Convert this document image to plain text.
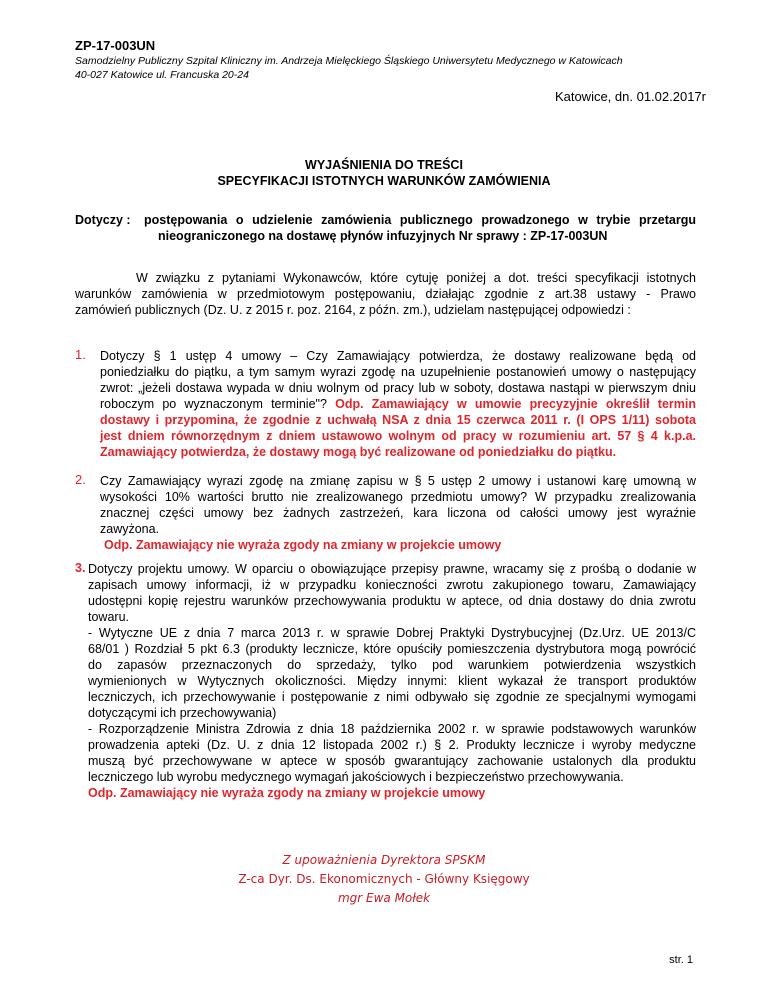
ZP-17-003UN
Samodzielny Publiczny Szpital Kliniczny im. Andrzeja Mielęckiego Śląskiego Uniwersytetu Medycznego w Katowicach
40-027 Katowice ul. Francuska 20-24
Katowice, dn. 01.02.2017r
WYJAŚNIENIA DO TREŚCI
SPECYFIKACJI ISTOTNYCH WARUNKÓW ZAMÓWIENIA
Dotyczy : postępowania o udzielenie zamówienia publicznego prowadzonego w trybie przetargu
nieograniczonego na dostawę płynów infuzyjnych Nr sprawy : ZP-17-003UN
W związku z pytaniami Wykonawców, które cytuję poniżej a dot. treści specyfikacji istotnych
warunków zamówienia w przedmiotowym postępowaniu, działając zgodnie z art.38 ustawy - Prawo
zamówień publicznych (Dz. U. z 2015 r. poz. 2164, z późn. zm.), udzielam następującej odpowiedzi :
1. Dotyczy § 1 ustęp 4 umowy – Czy Zamawiający potwierdza, że dostawy realizowane będą od
poniedziałku do piątku, a tym samym wyrazi zgodę na uzupełnienie postanowień umowy o następujący
zwrot: „jeżeli dostawa wypada w dniu wolnym od pracy lub w soboty, dostawa nastąpi w pierwszym dniu
roboczym po wyznaczonym terminie"? Odp. Zamawiający w umowie precyzyjnie określił termin
dostawy i przypomina, że zgodnie z uchwałą NSA z dnia 15 czerwca 2011 r. (I OPS 1/11) sobota
jest dniem równorzędnym z dniem ustawowo wolnym od pracy w rozumieniu art. 57 § 4 k.p.a.
Zamawiający potwierdza, że dostawy mogą być realizowane od poniedziałku do piątku.
2. Czy Zamawiający wyrazi zgodę na zmianę zapisu w § 5 ustęp 2 umowy i ustanowi karę umowną w
wysokości 10% wartości brutto nie zrealizowanego przedmiotu umowy? W przypadku zrealizowania
znacznej części umowy bez żadnych zastrzeżeń, kara liczona od całości umowy jest wyraźnie
zawyżona.
Odp. Zamawiający nie wyraża zgody na zmiany w projekcie umowy
3. Dotyczy projektu umowy. W oparciu o obowiązujące przepisy prawne, wracamy się z prośbą o dodanie w
zapisach umowy informacji, iż w przypadku konieczności zwrotu zakupionego towaru, Zamawiający
udostępni kopię rejestru warunków przechowywania produktu w aptece, od dnia dostawy do dnia zwrotu
towaru.
- Wytyczne UE z dnia 7 marca 2013 r. w sprawie Dobrej Praktyki Dystrybucyjnej (Dz.Urz. UE 2013/C
68/01 ) Rozdział 5 pkt 6.3 (produkty lecznicze, które opuściły pomieszczenia dystrybutora mogą powrócić
do zapasów przeznaczonych do sprzedaży, tylko pod warunkiem potwierdzenia wszystkich
wymienionych w Wytycznych okoliczności. Między innymi: klient wykazał że transport produktów
leczniczych, ich przechowywanie i postępowanie z nimi odbywało się zgodnie ze specjalnymi wymogami
dotyczącymi ich przechowywania)
- Rozporządzenie Ministra Zdrowia z dnia 18 października 2002 r. w sprawie podstawowych warunków
prowadzenia apteki (Dz. U. z dnia 12 listopada 2002 r.) § 2. Produkty lecznicze i wyroby medyczne
muszą być przechowywane w aptece w sposób gwarantujący zachowanie ustalonych dla produktu
leczniczego lub wyrobu medycznego wymagań jakościowych i bezpieczeństwo przechowywania.
Odp. Zamawiający nie wyraża zgody na zmiany w projekcie umowy
Z upoważnienia Dyrektora SPSKM
Z-ca Dyr. Ds. Ekonomicznych - Główny Księgowy
mgr Ewa Mołek
str. 1
